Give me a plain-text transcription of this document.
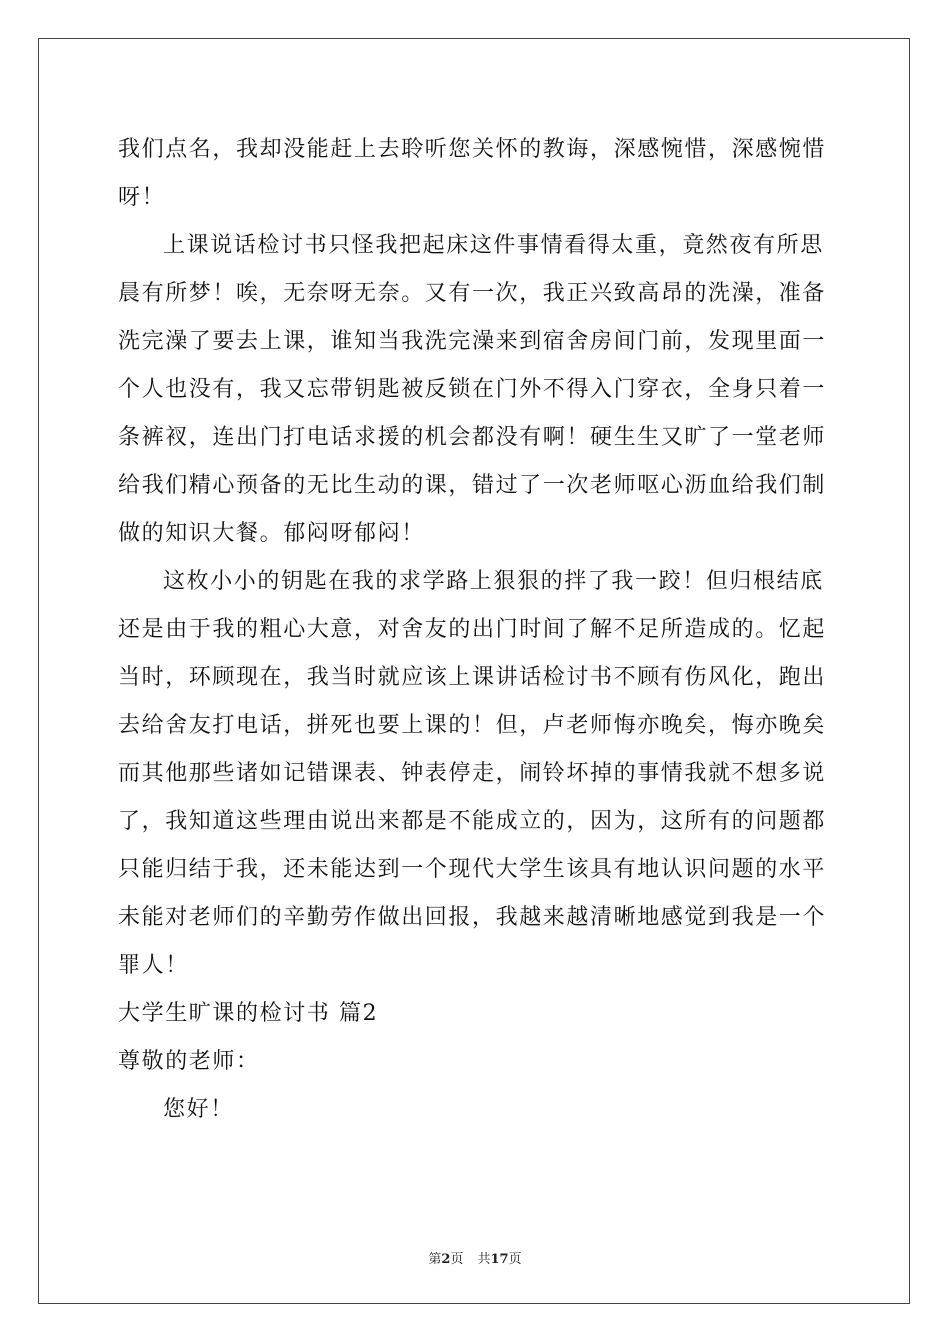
我们点名，我却没能赶上去聆听您关怀的教诲，深感惋惜，深感惋惜
呀！
上课说话检讨书只怪我把起床这件事情看得太重，竟然夜有所思
晨有所梦！唉，无奈呀无奈。又有一次，我正兴致高昂的洗澡，准备
洗完澡了要去上课，谁知当我洗完澡来到宿舍房间门前，发现里面一
个人也没有，我又忘带钥匙被反锁在门外不得入门穿衣，全身只着一
条裤衩，连出门打电话求援的机会都没有啊！硬生生又旷了一堂老师
给我们精心预备的无比生动的课，错过了一次老师呕心沥血给我们制
做的知识大餐。郁闷呀郁闷！
这枚小小的钥匙在我的求学路上狠狠的拌了我一跤！但归根结底
还是由于我的粗心大意，对舍友的出门时间了解不足所造成的。忆起
当时，环顾现在，我当时就应该上课讲话检讨书不顾有伤风化，跑出
去给舍友打电话，拼死也要上课的！但，卢老师悔亦晚矣，悔亦晚矣
而其他那些诸如记错课表、钟表停走，闹铃坏掉的事情我就不想多说
了，我知道这些理由说出来都是不能成立的，因为，这所有的问题都
只能归结于我，还未能达到一个现代大学生该具有地认识问题的水平
未能对老师们的辛勤劳作做出回报，我越来越清晰地感觉到我是一个
罪人！
大学生旷课的检讨书 篇2
尊敬的老师：
您好！
第2页 共17页
